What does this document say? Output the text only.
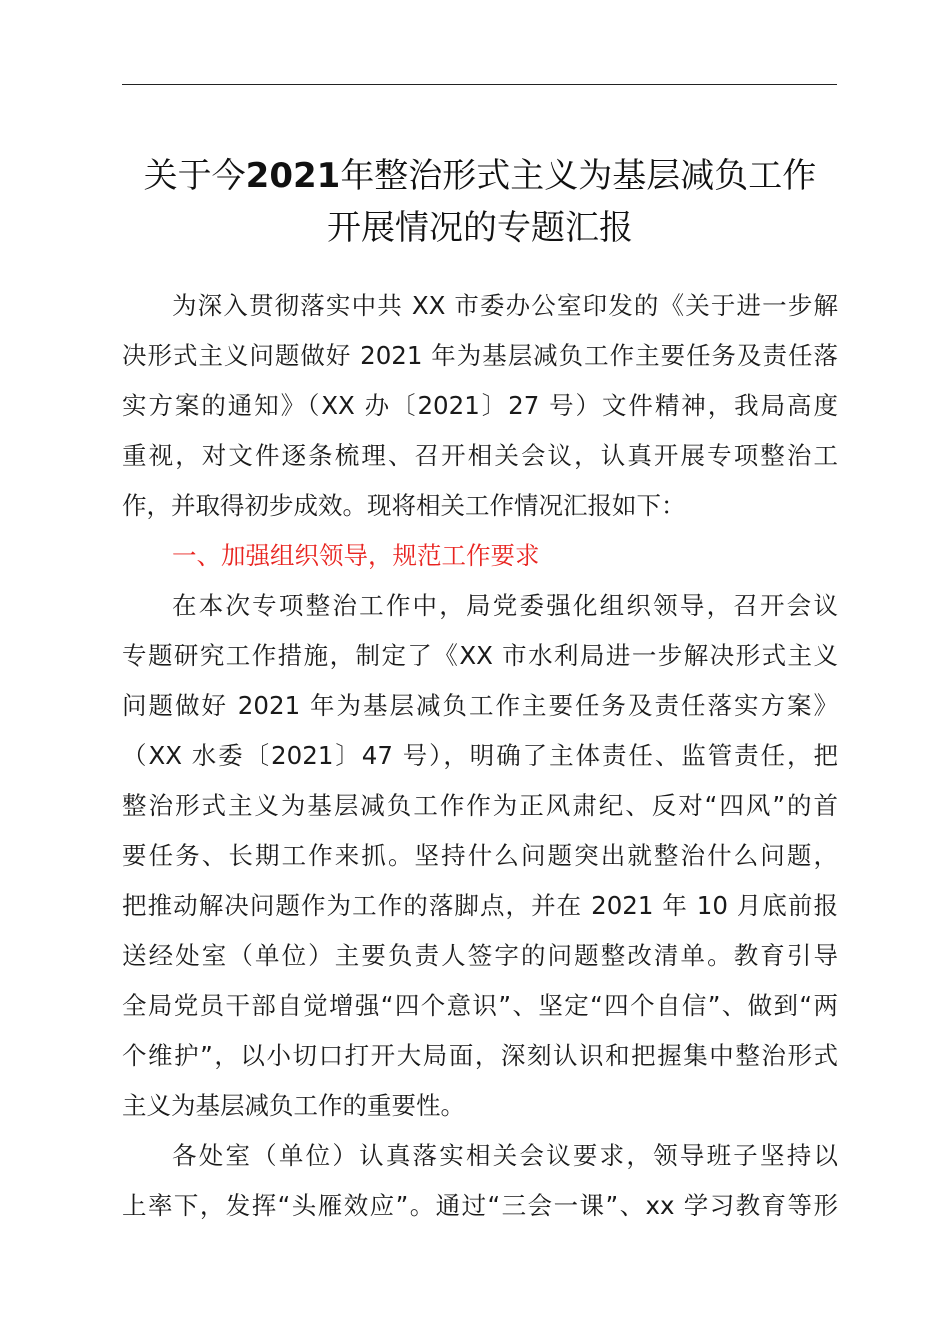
关于今2021年整治形式主义为基层减负工作
开展情况的专题汇报
为深入贯彻落实中共 XX 市委办公室印发的《关于进一步解
决形式主义问题做好 2021 年为基层减负工作主要任务及责任落
实方案的通知》（XX 办〔2021〕27 号）文件精神，我局高度
重视，对文件逐条梳理、召开相关会议，认真开展专项整治工
作，并取得初步成效。现将相关工作情况汇报如下：
一、加强组织领导，规范工作要求
在本次专项整治工作中，局党委强化组织领导，召开会议
专题研究工作措施，制定了《XX 市水利局进一步解决形式主义
问题做好 2021 年为基层减负工作主要任务及责任落实方案》
（XX 水委〔2021〕47 号），明确了主体责任、监管责任，把
整治形式主义为基层减负工作作为正风肃纪、反对“四风”的首
要任务、长期工作来抓。坚持什么问题突出就整治什么问题，
把推动解决问题作为工作的落脚点，并在 2021 年 10 月底前报
送经处室（单位）主要负责人签字的问题整改清单。教育引导
全局党员干部自觉增强“四个意识”、坚定“四个自信”、做到“两
个维护”，以小切口打开大局面，深刻认识和把握集中整治形式
主义为基层减负工作的重要性。
各处室（单位）认真落实相关会议要求，领导班子坚持以
上率下，发挥“头雁效应”。通过“三会一课”、xx 学习教育等形
